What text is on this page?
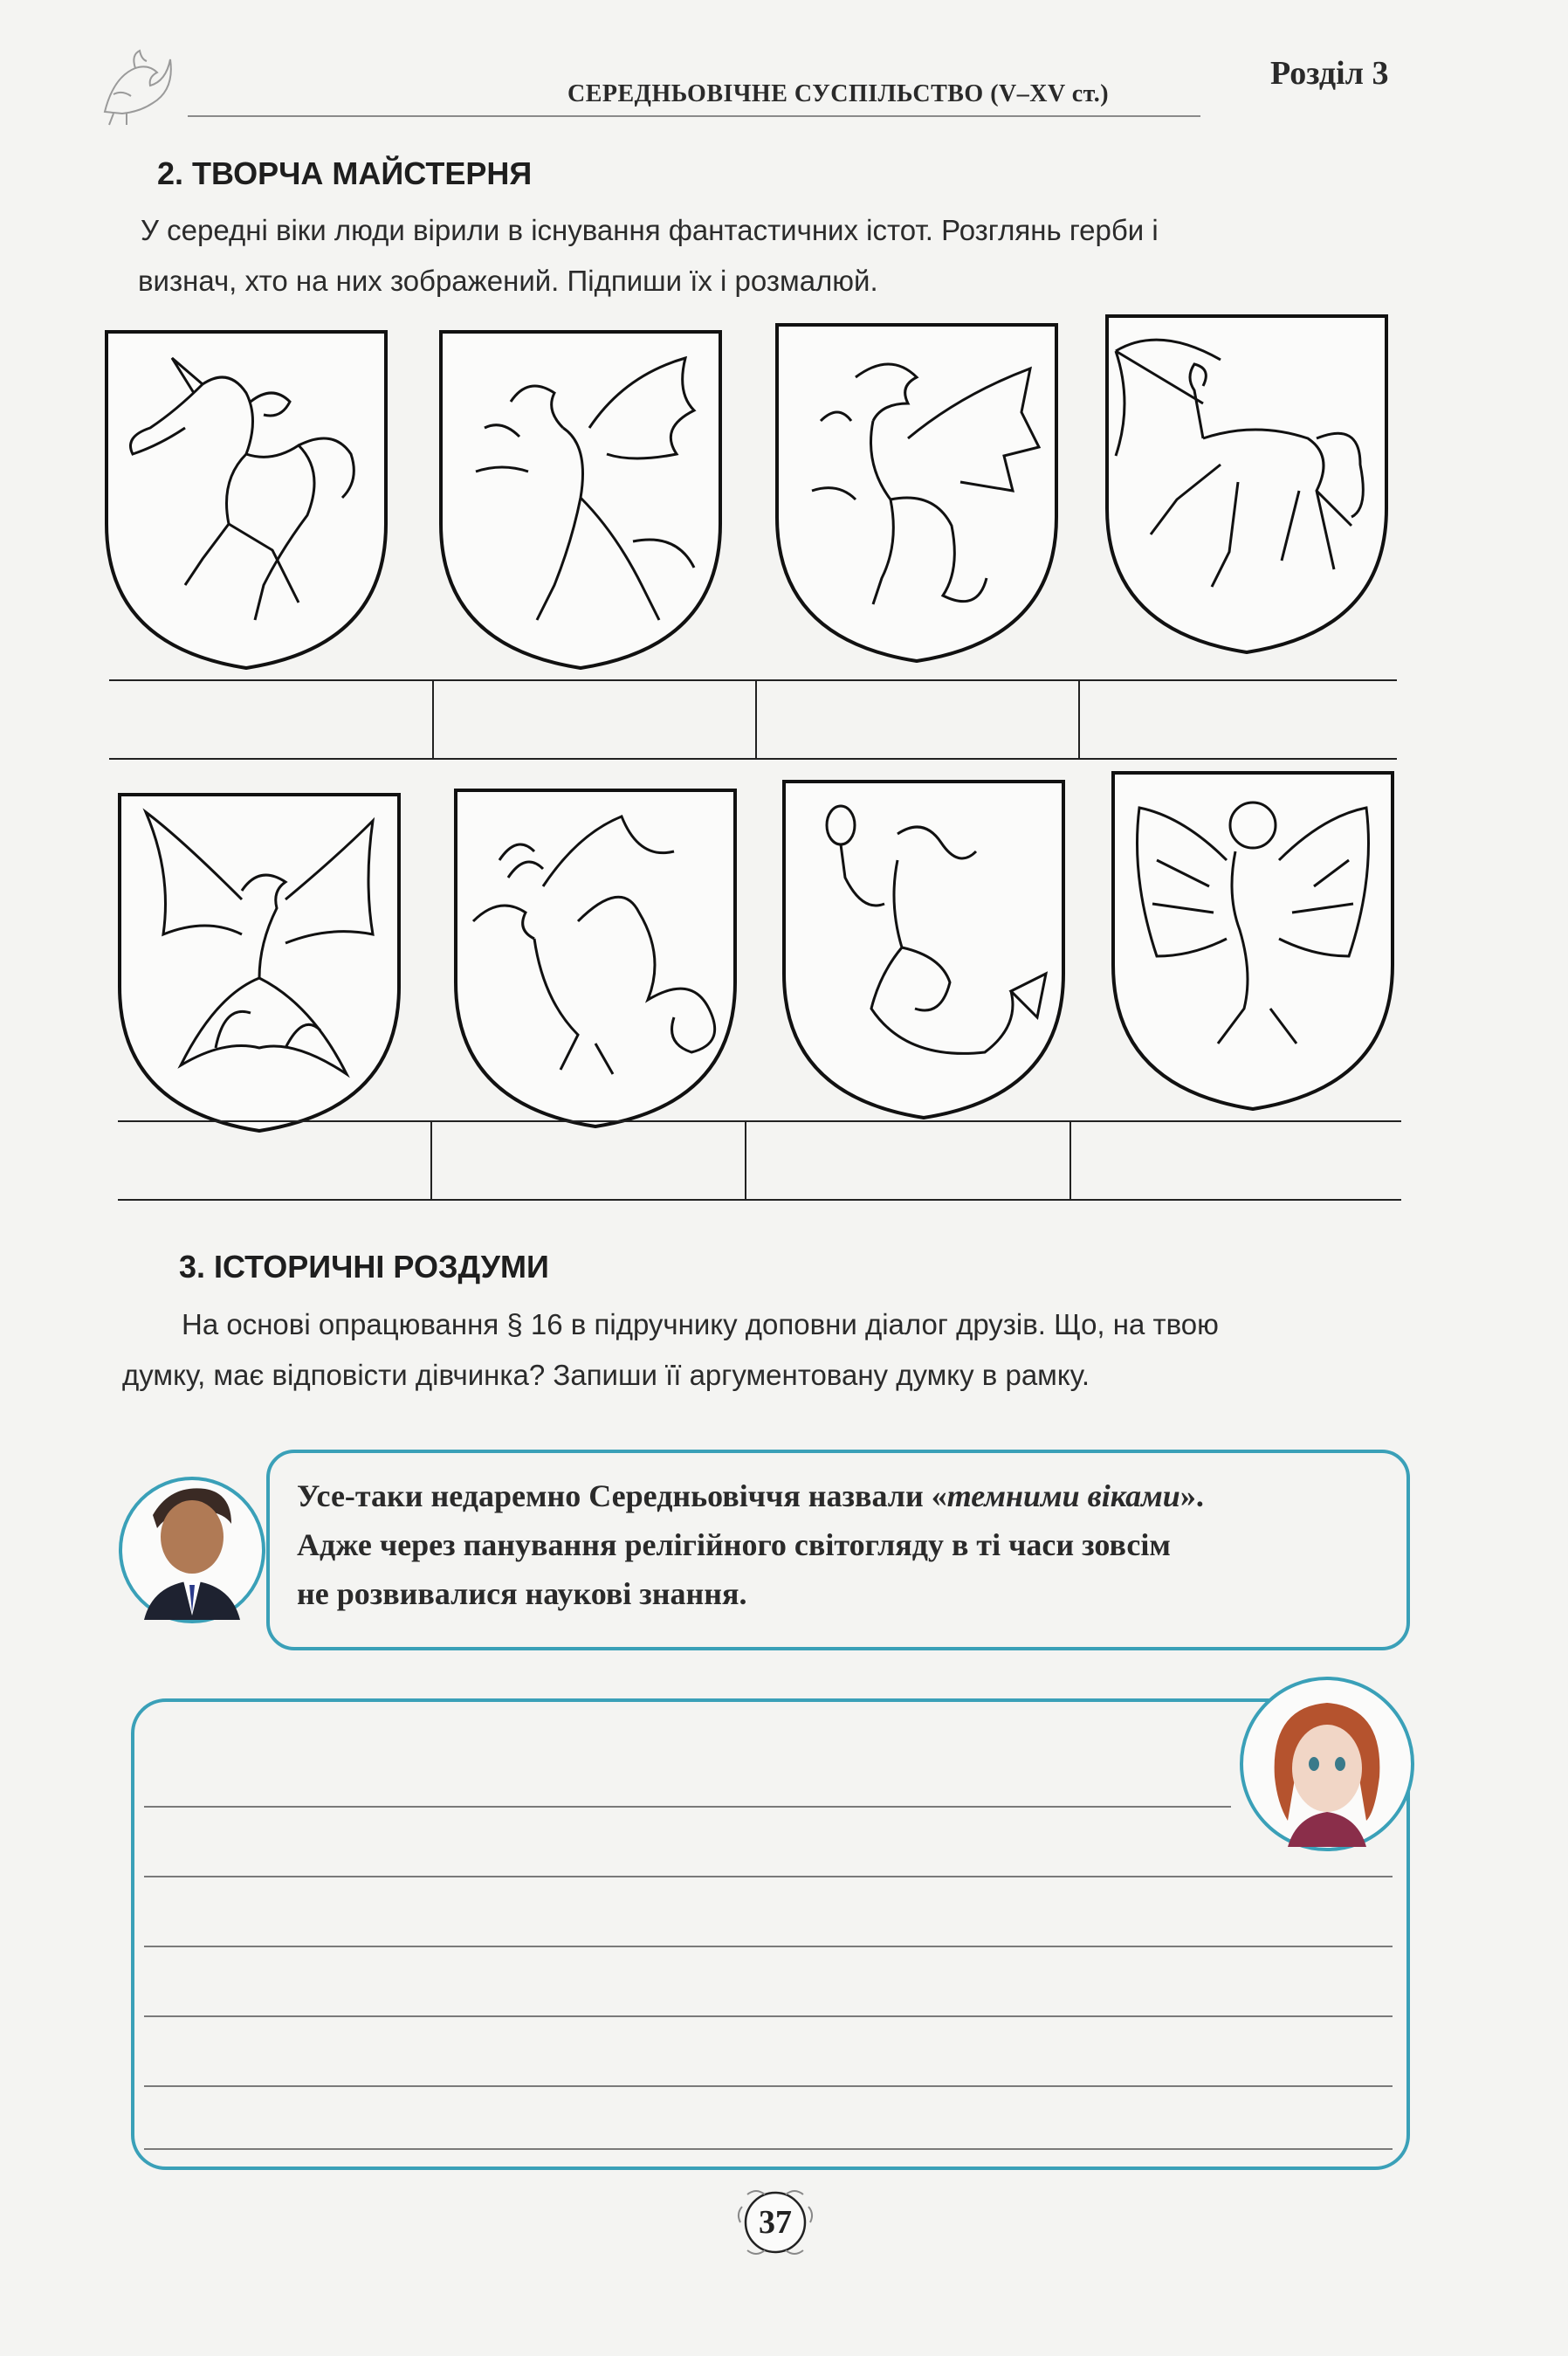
СЕРЕДНЬОВІЧНЕ СУСПІЛЬСТВО (V–XV ст.)
Розділ 3
2. ТВОРЧА МАЙСТЕРНЯ
У середні віки люди вірили в існування фантастичних істот. Розглянь герби і
визнач, хто на них зображений. Підпиши їх і розмалюй.
3. ІСТОРИЧНІ РОЗДУМИ
На основі опрацювання § 16 в підручнику доповни діалог друзів. Що, на твою
думку, має відповісти дівчинка? Запиши її аргументовану думку в рамку.
Усе-таки недаремно Середньовіччя назвали «темними віками».
Адже через панування релігійного світогляду в ті часи зовсім
не розвивалися наукові знання.
37
